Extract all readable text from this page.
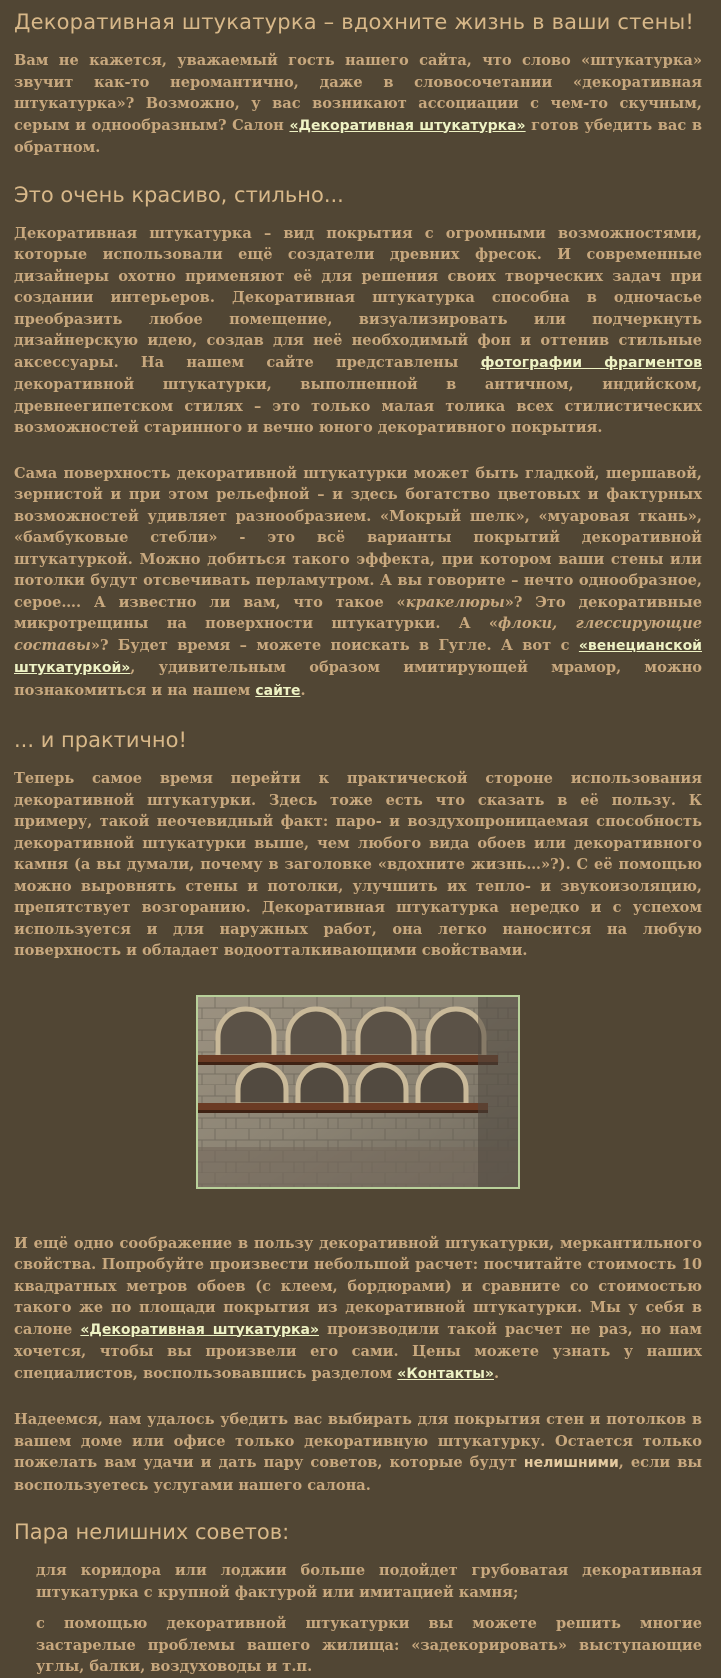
Декоративная штукатурка – вдохните жизнь в ваши стены!

Вам не кажется, уважаемый гость нашего сайта, что слово «штукатурка» звучит как-то неромантично, даже в словосочетании «декоративная штукатурка»? Возможно, у вас возникают ассоциации с чем-то скучным, серым и однообразным? Салон «Декоративная штукатурка» готов убедить вас в обратном.

Это очень красиво, стильно...

Декоративная штукатурка – вид покрытия с огромными возможностями, которые использовали ещё создатели древних фресок. И современные дизайнеры охотно применяют её для решения своих творческих задач при создании интерьеров. Декоративная штукатурка способна в одночасье преобразить любое помещение, визуализировать или подчеркнуть дизайнерскую идею, создав для неё необходимый фон и оттенив стильные аксессуары. На нашем сайте представлены фотографии фрагментов декоративной штукатурки, выполненной в античном, индийском, древнеегипетском стилях – это только малая толика всех стилистических возможностей старинного и вечно юного декоративного покрытия.

Сама поверхность декоративной штукатурки может быть гладкой, шершавой, зернистой и при этом рельефной – и здесь богатство цветовых и фактурных возможностей удивляет разнообразием. «Мокрый шелк», «муаровая ткань», «бамбуковые стебли» - это всё варианты покрытий декоративной штукатуркой. Можно добиться такого эффекта, при котором ваши стены или потолки будут отсвечивать перламутром. А вы говорите – нечто однообразное, серое…. А известно ли вам, что такое «кракелюры»? Это декоративные микротрещины на поверхности штукатурки. А «флоки, глессирующие составы»? Будет время – можете поискать в Гугле. А вот с «венецианской штукатуркой», удивительным образом имитирующей мрамор, можно познакомиться и на нашем сайте.

... и практично!

Теперь самое время перейти к практической стороне использования декоративной штукатурки. Здесь тоже есть что сказать в её пользу. К примеру, такой неочевидный факт: паро- и воздухопроницаемая способность декоративной штукатурки выше, чем любого вида обоев или декоративного камня (а вы думали, почему в заголовке «вдохните жизнь…»?). С её помощью можно выровнять стены и потолки, улучшить их тепло- и звукоизоляцию, препятствует возгоранию. Декоративная штукатурка нередко и с успехом используется и для наружных работ, она легко наносится на любую поверхность и обладает водоотталкивающими свойствами.

И ещё одно соображение в пользу декоративной штукатурки, меркантильного свойства. Попробуйте произвести небольшой расчет: посчитайте стоимость 10 квадратных метров обоев (с клеем, бордюрами) и сравните со стоимостью такого же по площади покрытия из декоративной штукатурки. Мы у себя в салоне «Декоративная штукатурка» производили такой расчет не раз, но нам хочется, чтобы вы произвели его сами. Цены можете узнать у наших специалистов, воспользовавшись разделом «Контакты».

Надеемся, нам удалось убедить вас выбирать для покрытия стен и потолков в вашем доме или офисе только декоративную штукатурку. Остается только пожелать вам удачи и дать пару советов, которые будут нелишними, если вы воспользуетесь услугами нашего салона.

Пара нелишних советов:
для коридора или лоджии больше подойдет грубоватая декоративная штукатурка с крупной фактурой или имитацией камня;
с помощью декоративной штукатурки вы можете решить многие застарелые проблемы вашего жилища: «задекорировать» выступающие углы, балки, воздуховоды и т.п.
